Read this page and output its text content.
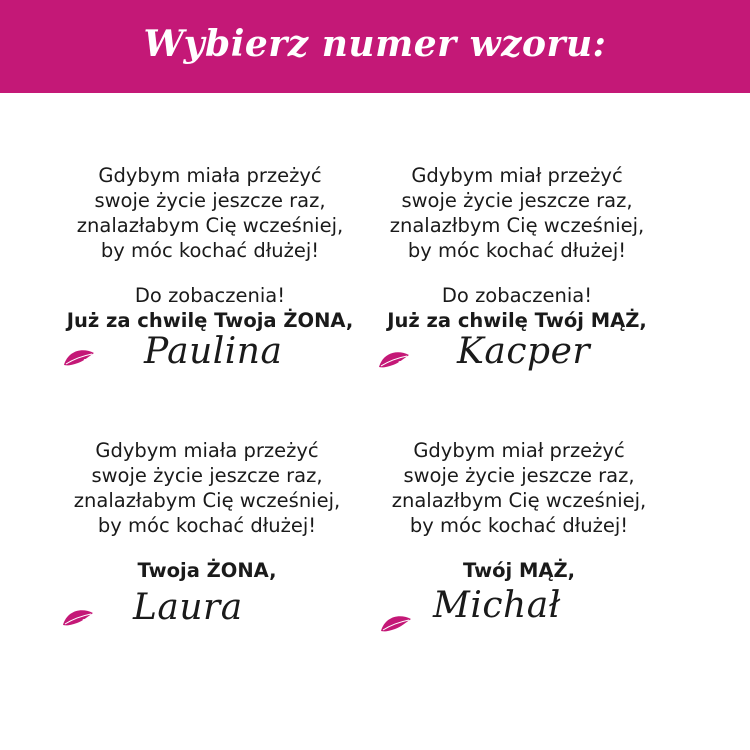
Wybierz numer wzoru:
Gdybym miała przeżyć
swoje życie jeszcze raz,
znalazłabym Cię wcześniej,
by móc kochać dłużej!
Do zobaczenia!
Już za chwilę Twoja ŻONA,
1 Paulina
Gdybym miał przeżyć
swoje życie jeszcze raz,
znalazłbym Cię wcześniej,
by móc kochać dłużej!
Do zobaczenia!
Już za chwilę Twój MĄŻ,
2 Kacper
Gdybym miała przeżyć
swoje życie jeszcze raz,
znalazłabym Cię wcześniej,
by móc kochać dłużej!
Twoja ŻONA,
3 Laura
Gdybym miał przeżyć
swoje życie jeszcze raz,
znalazłbym Cię wcześniej,
by móc kochać dłużej!
Twój MĄŻ,
4
Michał
